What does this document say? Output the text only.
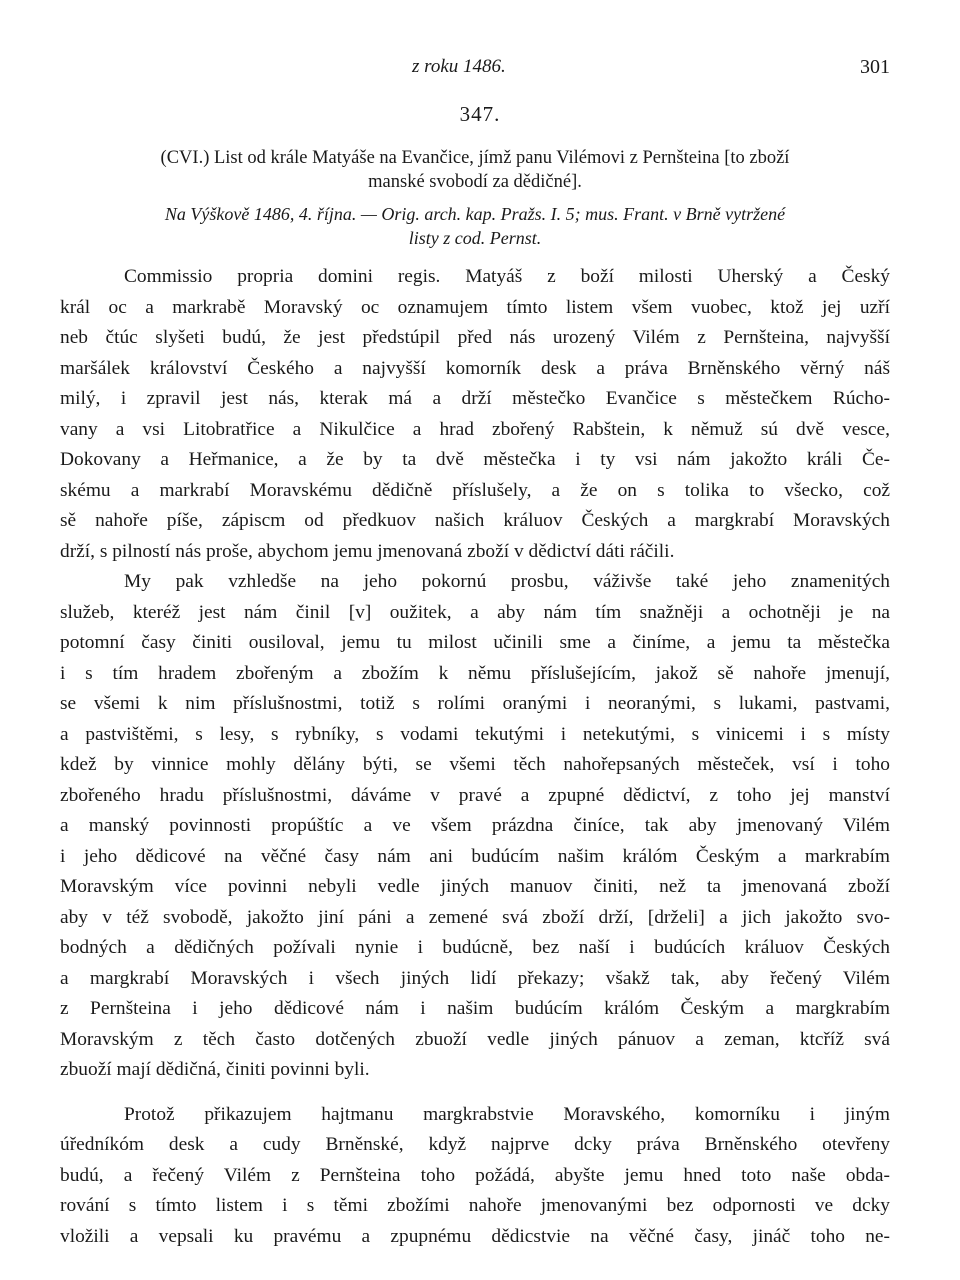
z roku 1486.	301
347.
(CVI.) List od krále Matyáše na Evančice, jímž panu Vilémovi z Pernšteina [to zboží
manské svobodí za dědičné].
Na Výškově 1486, 4. října. — Orig. arch. kap. Pražs. I. 5; mus. Frant. v Brně vytržené
listy z cod. Pernst.
Commissio propria domini regis. Matyáš z boží milosti Uherský a Český
král oc a markrabě Moravský oc oznamujem tímto listem všem vuobec, ktož jej uzří
neb čtúc slyšeti budú, že jest předstúpil před nás urozený Vilém z Pernšteina, najvyšší
maršálek království Českého a najvyšší komorník desk a práva Brněnského věrný náš
milý, i zpravil jest nás, kterak má a drží městečko Evančice s městečkem Rúcho-
vany a vsi Litobratřice a Nikulčice a hrad zbořený Rabštein, k němuž sú dvě vesce,
Dokovany a Heřmanice, a že by ta dvě městečka i ty vsi nám jakožto králi Če-
skému a markrabí Moravskému dědičně příslušely, a že on s tolika to všecko, což
sě nahoře píše, zápiscm od předkuov našich králuov Českých a margkrabí Moravských
drží, s pilností nás proše, abychom jemu jmenovaná zboží v dědictví dáti ráčili.
My pak vzhledše na jeho pokornú prosbu, váživše také jeho znamenitých
služeb, kteréž jest nám činil [v] oužitek, a aby nám tím snažněji a ochotněji je na
potomní časy činiti ousiloval, jemu tu milost učinili sme a činíme, a jemu ta městečka
i s tím hradem zbořeným a zbožím k němu příslušejícím, jakož sě nahoře jmenují,
se všemi k nim příslušnostmi, totiž s rolími oranými i neoranými, s lukami, pastvami,
a pastvištěmi, s lesy, s rybníky, s vodami tekutými i netekutými, s vinicemi i s místy
kdež by vinnice mohly dělány býti, se všemi těch nahořepsaných městeček, vsí i toho
zbořeného hradu příslušnostmi, dáváme v pravé a zpupné dědictví, z toho jej manství
a manský povinnosti propúštíc a ve všem prázdna činíce, tak aby jmenovaný Vilém
i jeho dědicové na věčné časy nám ani budúcím našim králóm Českým a markrabím
Moravským více povinni nebyli vedle jiných manuov činiti, než ta jmenovaná zboží
aby v též svobodě, jakožto jiní páni a zemené svá zboží drží, [drželi] a jich jakožto svo-
bodných a dědičných požívali nynie i budúcně, bez naší i budúcích králuov Českých
a margkrabí Moravských i všech jiných lidí překazy; všakž tak, aby řečený Vilém
z Pernšteina i jeho dědicové nám i našim budúcím králóm Českým a margkrabím
Moravským z těch často dotčených zbuoží vedle jiných pánuov a zeman, ktcříž svá
zbuoží mají dědičná, činiti povinni byli.
Protož přikazujem hajtmanu margkrabstvie Moravského, komorníku i jiným
úředníkóm desk a cudy Brněnské, když najprve dcky práva Brněnského otevřeny
budú, a řečený Vilém z Pernšteina toho požádá, abyšte jemu hned toto naše obda-
rování s tímto listem i s těmi zbožími nahoře jmenovanými bez odpornosti ve dcky
vložili a vepsali ku pravému a zpupnému dědicstvie na věčné časy, jináč toho ne-
